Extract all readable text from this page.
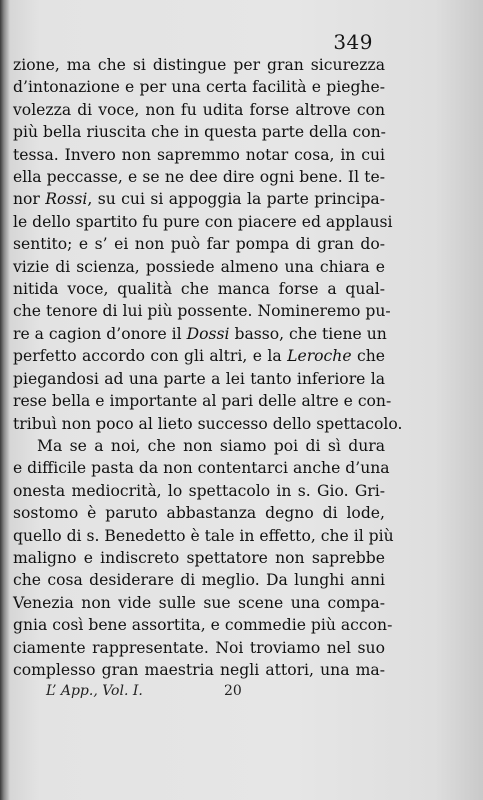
349
zione, ma che si distingue per gran sicurezza
d’intonazione e per una certa facilità e pieghe-
volezza di voce, non fu udita forse altrove con
più bella riuscita che in questa parte della con-
tessa. Invero non sapremmo notar cosa, in cui
ella peccasse, e se ne dee dire ogni bene. Il te-
nor Rossi, su cui si appoggia la parte principa-
le dello spartito fu pure con piacere ed applausi
sentito; e s’ ei non può far pompa di gran do-
vizie di scienza, possiede almeno una chiara e
nitida voce, qualità che manca forse a qual-
che tenore di lui più possente. Nomineremo pu-
re a cagion d’onore il Dossi basso, che tiene un
perfetto accordo con gli altri, e la Leroche che
piegandosi ad una parte a lei tanto inferiore la
rese bella e importante al pari delle altre e con-
tribuì non poco al lieto successo dello spettacolo.
Ma se a noi, che non siamo poi di sì dura
e difficile pasta da non contentarci anche d’una
onesta mediocrità, lo spettacolo in s. Gio. Gri-
sostomo è paruto abbastanza degno di lode,
quello di s. Benedetto è tale in effetto, che il più
maligno e indiscreto spettatore non saprebbe
che cosa desiderare di meglio. Da lunghi anni
Venezia non vide sulle sue scene una compa-
gnia così bene assortita, e commedie più accon-
ciamente rappresentate. Noi troviamo nel suo
complesso gran maestria negli attori, una ma-
L’ App., Vol. I.	20
